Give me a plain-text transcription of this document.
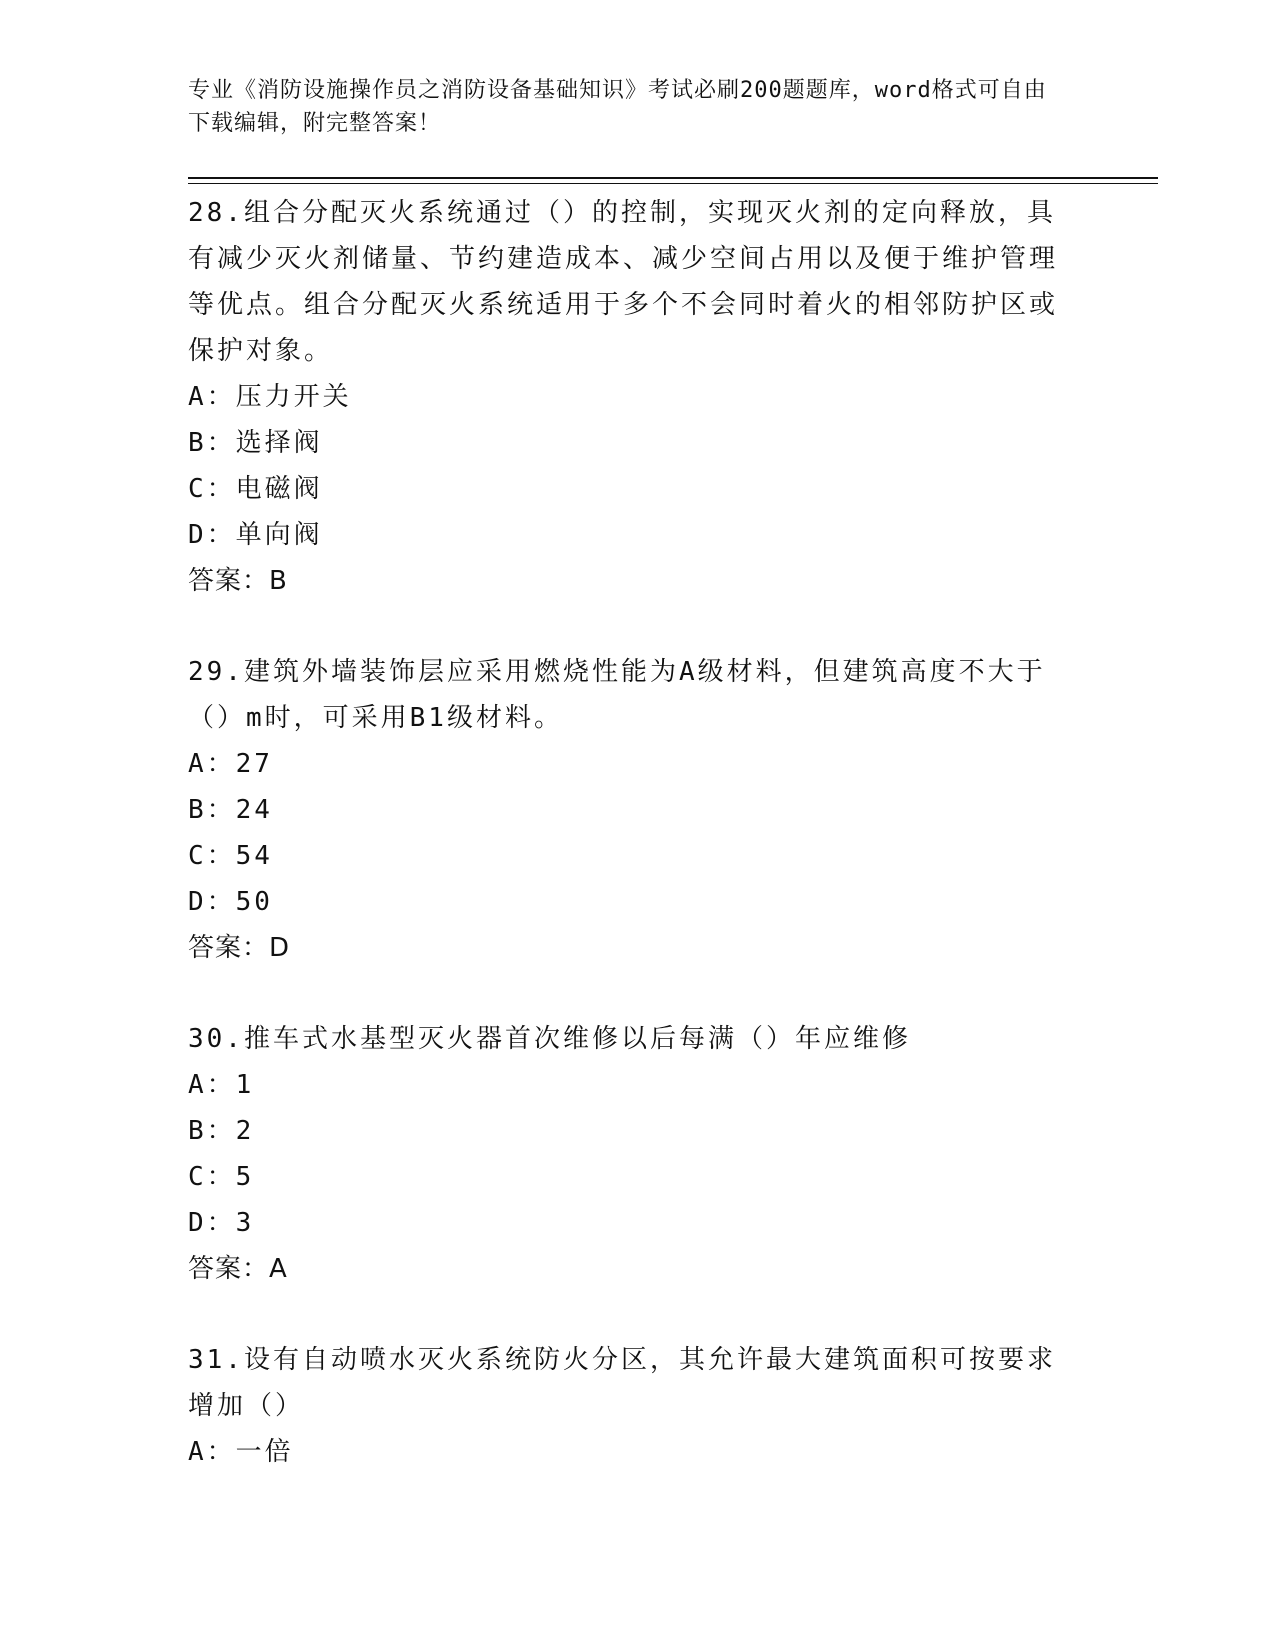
专业《消防设施操作员之消防设备基础知识》考试必刷200题题库，word格式可自由下载编辑，附完整答案！

28.组合分配灭火系统通过（）的控制，实现灭火剂的定向释放，具有减少灭火剂储量、节约建造成本、减少空间占用以及便于维护管理等优点。组合分配灭火系统适用于多个不会同时着火的相邻防护区或保护对象。

A：压力开关
B：选择阀
C：电磁阀
D：单向阀
答案：B

29.建筑外墙装饰层应采用燃烧性能为A级材料，但建筑高度不大于（）m时，可采用B1级材料。

A：27
B：24
C：54
D：50
答案：D

30.推车式水基型灭火器首次维修以后每满（）年应维修

A：1
B：2
C：5
D：3
答案：A

31.设有自动喷水灭火系统防火分区，其允许最大建筑面积可按要求增加（）

A：一倍
